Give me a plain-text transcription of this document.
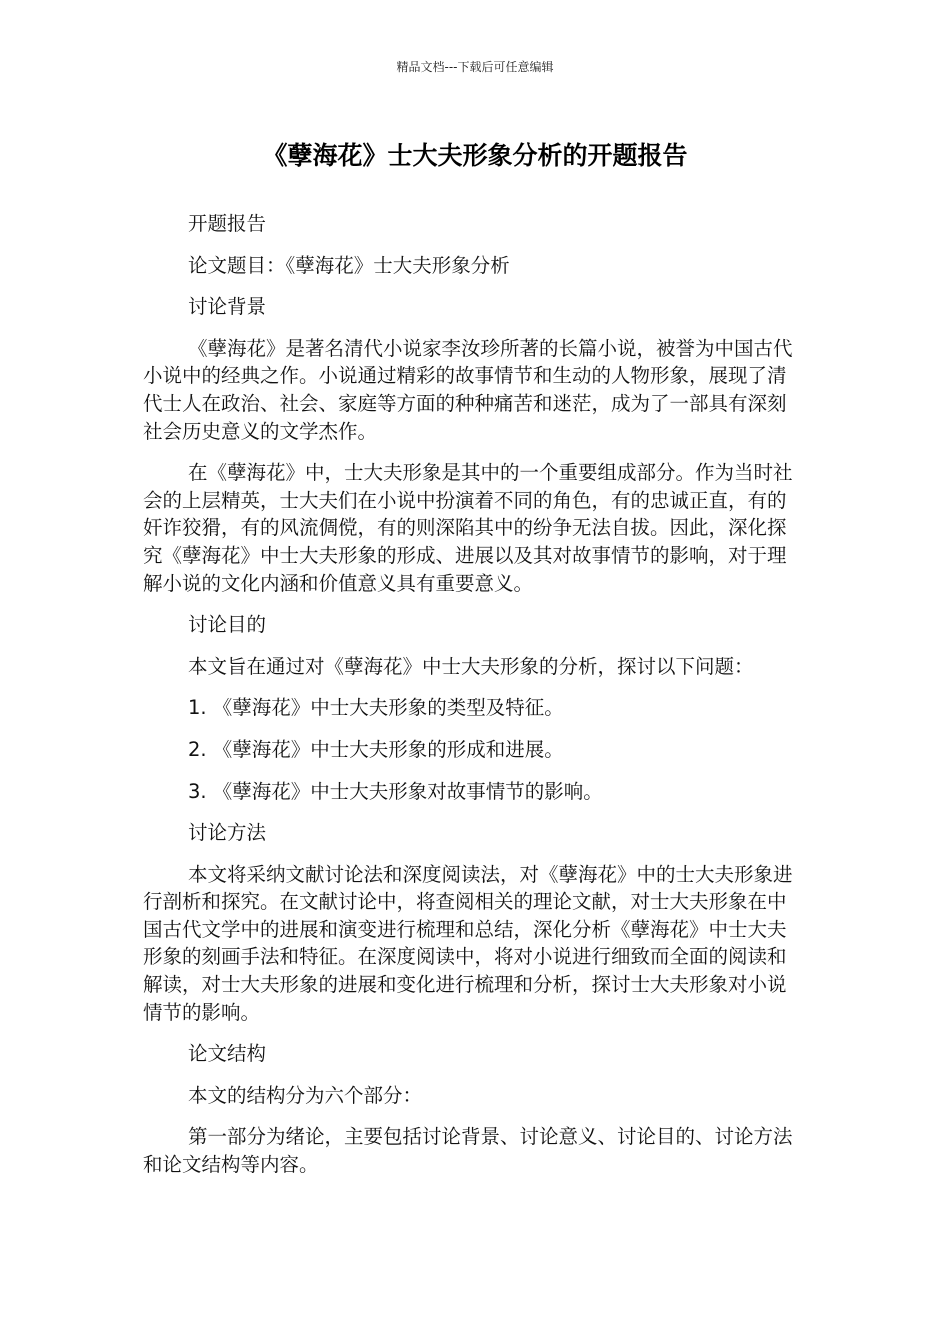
精品文档---下载后可任意编辑
《孽海花》士大夫形象分析的开题报告

开题报告

论文题目：《孽海花》士大夫形象分析

讨论背景

《孽海花》是著名清代小说家李汝珍所著的长篇小说，被誉为中国古代小说中的经典之作。小说通过精彩的故事情节和生动的人物形象，展现了清代士人在政治、社会、家庭等方面的种种痛苦和迷茫，成为了一部具有深刻社会历史意义的文学杰作。

在《孽海花》中，士大夫形象是其中的一个重要组成部分。作为当时社会的上层精英，士大夫们在小说中扮演着不同的角色，有的忠诚正直，有的奸诈狡猾，有的风流倜傥，有的则深陷其中的纷争无法自拔。因此，深化探究《孽海花》中士大夫形象的形成、进展以及其对故事情节的影响，对于理解小说的文化内涵和价值意义具有重要意义。

讨论目的

本文旨在通过对《孽海花》中士大夫形象的分析，探讨以下问题：

1. 《孽海花》中士大夫形象的类型及特征。

2. 《孽海花》中士大夫形象的形成和进展。

3. 《孽海花》中士大夫形象对故事情节的影响。

讨论方法

本文将采纳文献讨论法和深度阅读法，对《孽海花》中的士大夫形象进行剖析和探究。在文献讨论中，将查阅相关的理论文献，对士大夫形象在中国古代文学中的进展和演变进行梳理和总结，深化分析《孽海花》中士大夫形象的刻画手法和特征。在深度阅读中，将对小说进行细致而全面的阅读和解读，对士大夫形象的进展和变化进行梳理和分析，探讨士大夫形象对小说情节的影响。

论文结构

本文的结构分为六个部分：

第一部分为绪论，主要包括讨论背景、讨论意义、讨论目的、讨论方法和论文结构等内容。
